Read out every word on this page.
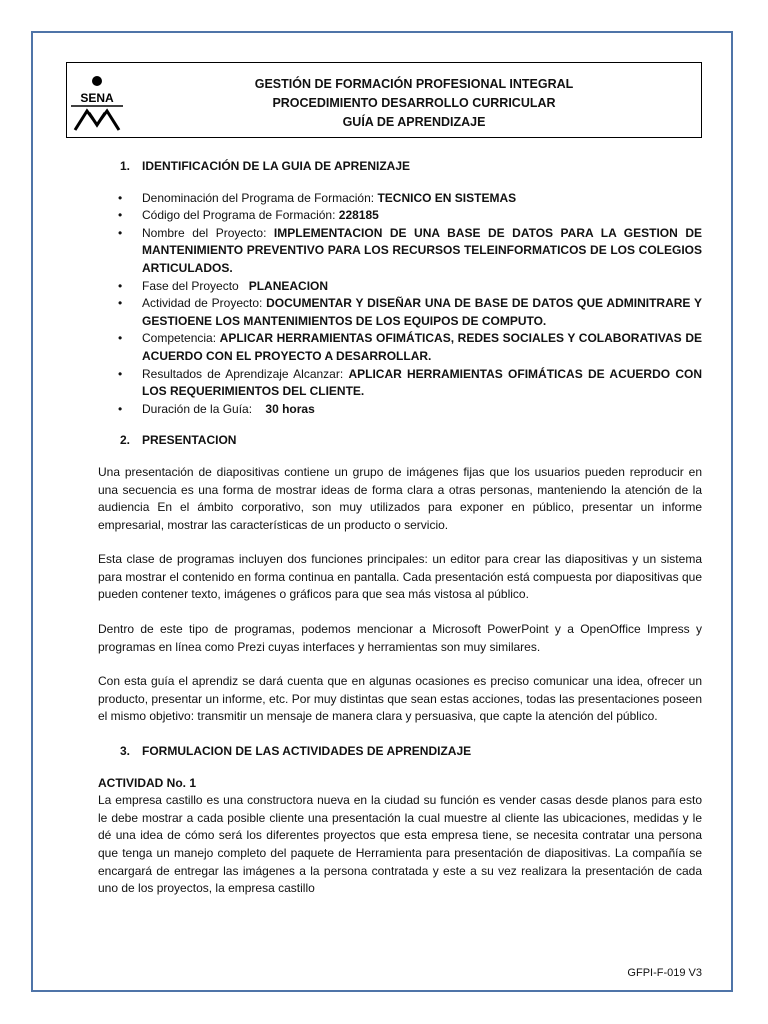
SENA
GESTIÓN DE FORMACIÓN PROFESIONAL INTEGRAL
PROCEDIMIENTO DESARROLLO CURRICULAR
GUÍA DE APRENDIZAJE
1. IDENTIFICACIÓN DE LA GUIA DE APRENIZAJE
• Denominación del Programa de Formación: TECNICO EN SISTEMAS
• Código del Programa de Formación: 228185
• Nombre del Proyecto: IMPLEMENTACION DE UNA BASE DE DATOS PARA LA GESTION DE MANTENIMIENTO PREVENTIVO PARA LOS RECURSOS TELEINFORMATICOS DE LOS COLEGIOS ARTICULADOS.
• Fase del Proyecto   PLANEACION
• Actividad de Proyecto: DOCUMENTAR Y DISEÑAR UNA DE BASE DE DATOS QUE ADMINITRARE Y GESTIOENE LOS MANTENIMIENTOS DE LOS EQUIPOS DE COMPUTO.
• Competencia: APLICAR HERRAMIENTAS OFIMÁTICAS, REDES SOCIALES Y COLABORATIVAS DE ACUERDO CON EL PROYECTO A DESARROLLAR.
• Resultados de Aprendizaje Alcanzar: APLICAR HERRAMIENTAS OFIMÁTICAS DE ACUERDO CON LOS REQUERIMIENTOS DEL CLIENTE.
• Duración de la Guía:    30 horas
2. PRESENTACION

Una presentación de diapositivas contiene un grupo de imágenes fijas que los usuarios pueden reproducir en una secuencia es una forma de mostrar ideas de forma clara a otras personas, manteniendo la atención de la audiencia En el ámbito corporativo, son muy utilizados para exponer en público, presentar un informe empresarial, mostrar las características de un producto o servicio.

Esta clase de programas incluyen dos funciones principales: un editor para crear las diapositivas y un sistema para mostrar el contenido en forma continua en pantalla. Cada presentación está compuesta por diapositivas que pueden contener texto, imágenes o gráficos para que sea más vistosa al público.

Dentro de este tipo de programas, podemos mencionar a Microsoft PowerPoint y a OpenOffice Impress y programas en línea como Prezi cuyas interfaces y herramientas son muy similares.

Con esta guía el aprendiz se dará cuenta que en algunas ocasiones es preciso comunicar una idea, ofrecer un producto, presentar un informe, etc. Por muy distintas que sean estas acciones, todas las presentaciones poseen el mismo objetivo: transmitir un mensaje de manera clara y persuasiva, que capte la atención del público.

3. FORMULACION DE LAS ACTIVIDADES DE APRENDIZAJE

ACTIVIDAD No. 1

La empresa castillo es una constructora nueva en la ciudad su función es vender casas desde planos para esto le debe mostrar a cada posible cliente una presentación la cual muestre al cliente las ubicaciones, medidas y le dé una idea de cómo será los diferentes proyectos que esta empresa tiene, se necesita contratar una persona que tenga un manejo completo del paquete de Herramienta para presentación de diapositivas. La compañía se encargará de entregar las imágenes a la persona contratada y este a su vez realizara la presentación de cada uno de los proyectos, la empresa castillo

GFPI-F-019 V3
